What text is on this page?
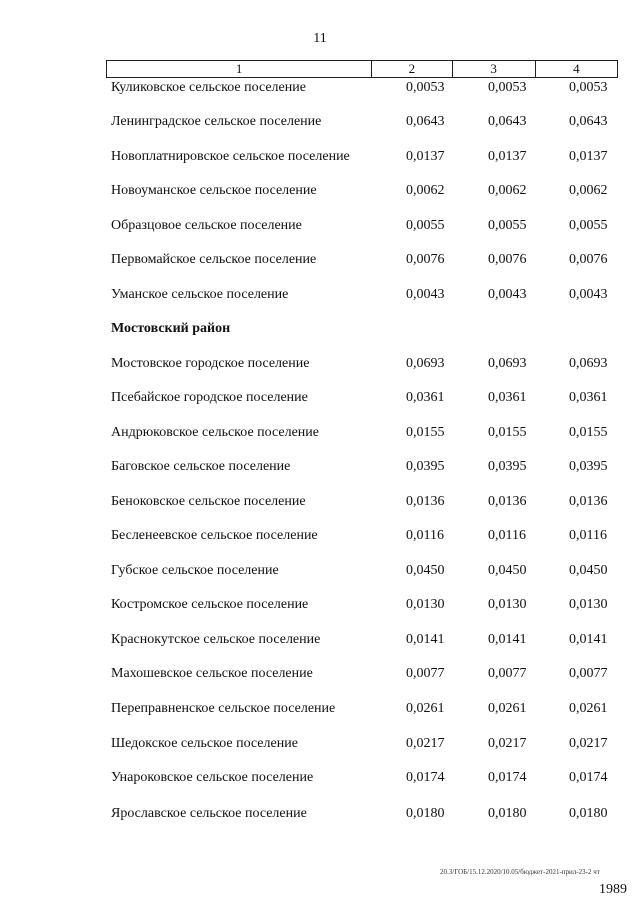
11
1	2	3	4
Куликовское сельское поселение	0,0053	0,0053	0,0053
Ленинградское сельское поселение	0,0643	0,0643	0,0643
Новоплатнировское сельское поселение	0,0137	0,0137	0,0137
Новоуманское сельское поселение	0,0062	0,0062	0,0062
Образцовое сельское поселение	0,0055	0,0055	0,0055
Первомайское сельское поселение	0,0076	0,0076	0,0076
Уманское сельское поселение	0,0043	0,0043	0,0043
Мостовский район
Мостовское городское поселение	0,0693	0,0693	0,0693
Псебайское городское поселение	0,0361	0,0361	0,0361
Андрюковское сельское поселение	0,0155	0,0155	0,0155
Баговское сельское поселение	0,0395	0,0395	0,0395
Беноковское сельское поселение	0,0136	0,0136	0,0136
Бесленеевское сельское поселение	0,0116	0,0116	0,0116
Губское сельское поселение	0,0450	0,0450	0,0450
Костромское сельское поселение	0,0130	0,0130	0,0130
Краснокутское сельское поселение	0,0141	0,0141	0,0141
Махошевское сельское поселение	0,0077	0,0077	0,0077
Переправненское сельское поселение	0,0261	0,0261	0,0261
Шедокское сельское поселение	0,0217	0,0217	0,0217
Унароковское сельское поселение	0,0174	0,0174	0,0174
Ярославское сельское поселение	0,0180	0,0180	0,0180
20.3/ГОБ/15.12.2020/10.05/бюджет-2021-прил-23-2 чт
1989
